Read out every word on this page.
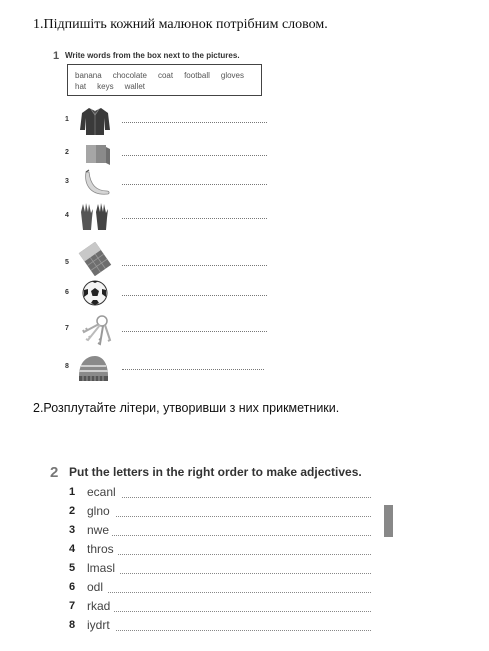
1.Підпишіть кожний малюнок потрібним словом.
1 Write words from the box next to the pictures.
banana chocolate coat football gloves
hat keys wallet
1
2
3
4
5
6
7
8
2.Розплутайте літери, утворивши з них прикметники.
2 Put the letters in the right order to make adjectives.
1 ecanl
2 glno
3 nwe
4 thros
5 lmasl
6 odl
7 rkad
8 iydrt
